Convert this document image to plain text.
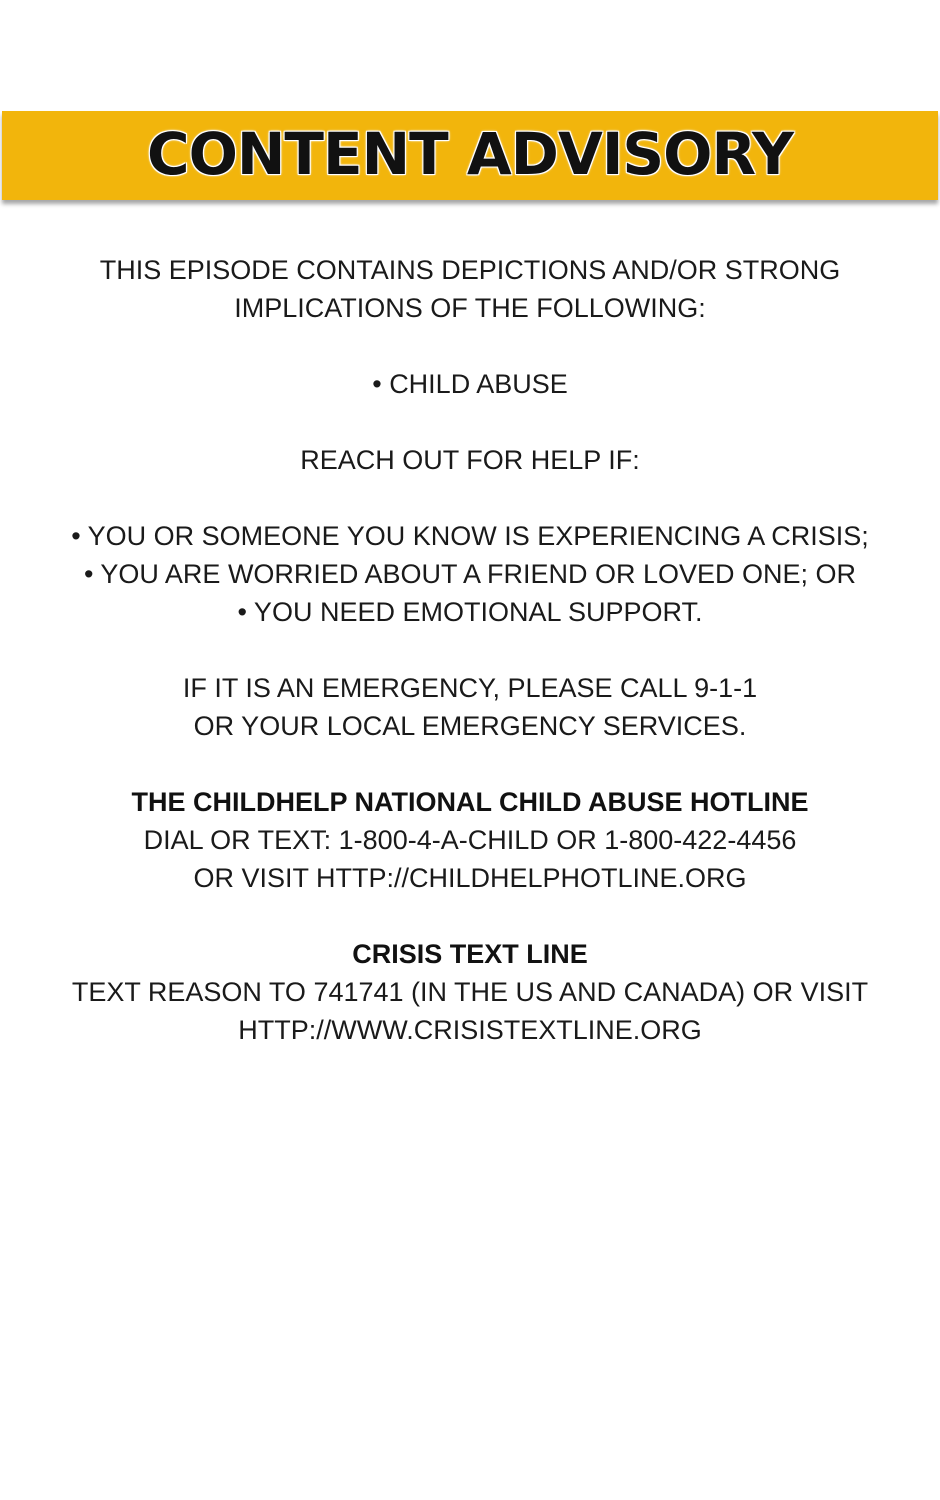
CONTENT ADVISORY
THIS EPISODE CONTAINS DEPICTIONS AND/OR STRONG
IMPLICATIONS OF THE FOLLOWING:
• CHILD ABUSE
REACH OUT FOR HELP IF:
• YOU OR SOMEONE YOU KNOW IS EXPERIENCING A CRISIS;
• YOU ARE WORRIED ABOUT A FRIEND OR LOVED ONE; OR
• YOU NEED EMOTIONAL SUPPORT.
IF IT IS AN EMERGENCY, PLEASE CALL 9-1-1
OR YOUR LOCAL EMERGENCY SERVICES.
THE CHILDHELP NATIONAL CHILD ABUSE HOTLINE
DIAL OR TEXT: 1-800-4-A-CHILD OR 1-800-422-4456
OR VISIT HTTP://CHILDHELPHOTLINE.ORG
CRISIS TEXT LINE
TEXT REASON TO 741741 (IN THE US AND CANADA) OR VISIT
HTTP://WWW.CRISISTEXTLINE.ORG
